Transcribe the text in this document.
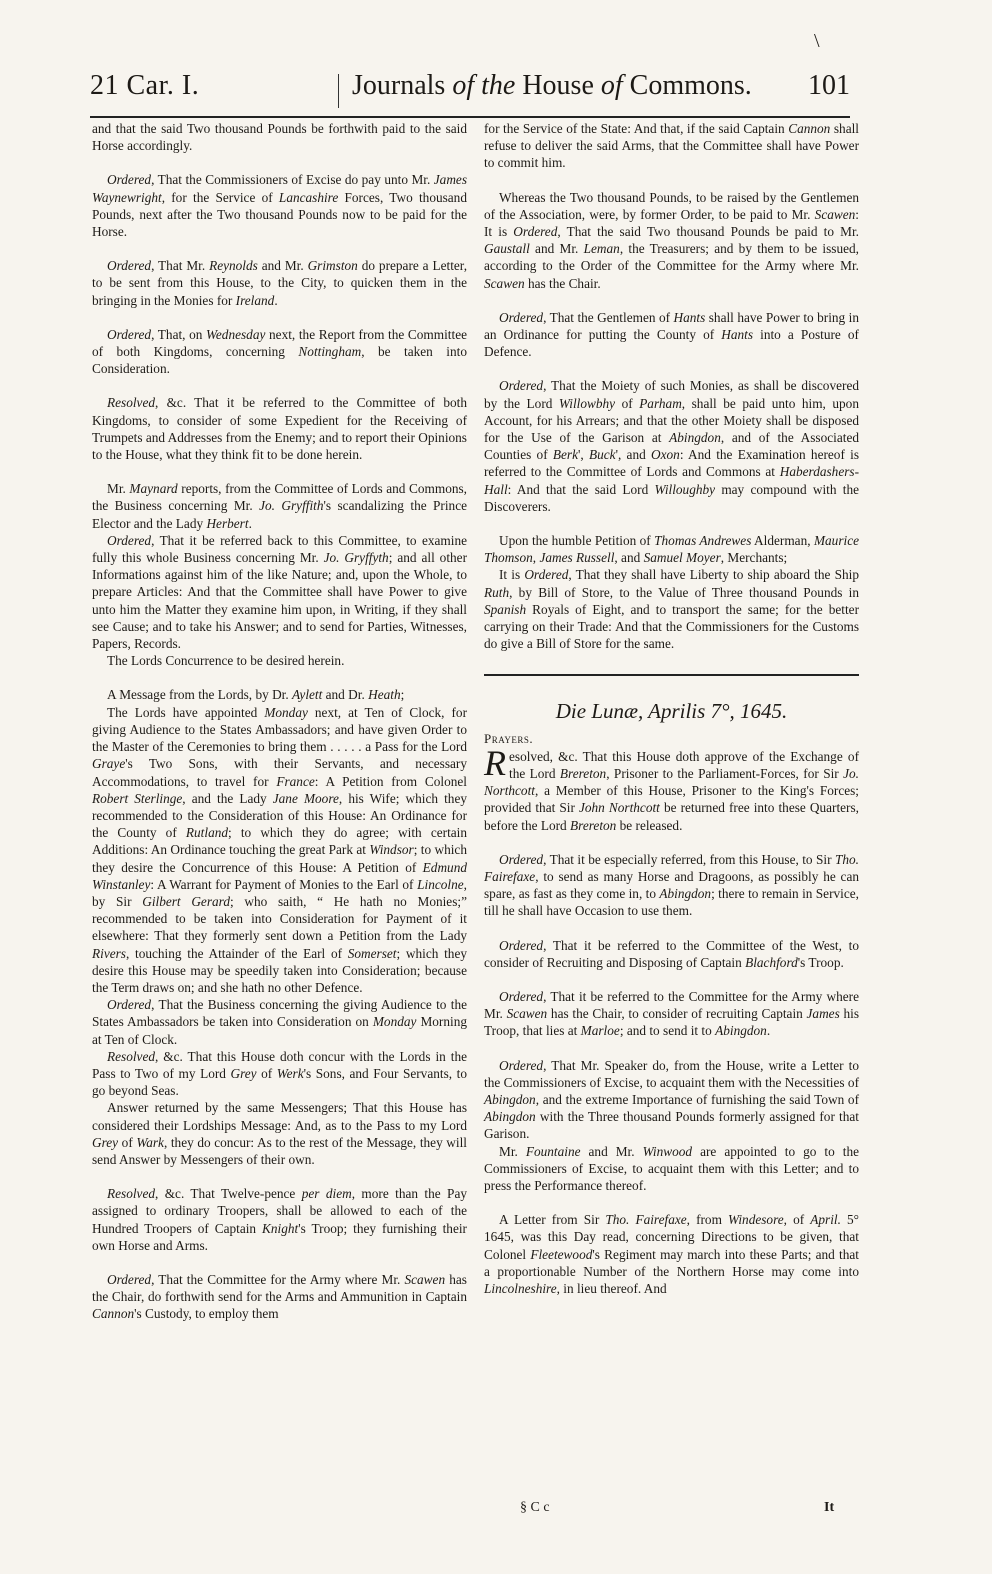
\
21 Car. I.	Journals of the House of Commons. 101

and that the said Two thousand Pounds be forthwith paid to the said Horse accordingly.

Ordered, That the Commissioners of Excise do pay unto Mr. James Waynewright, for the Service of Lancashire Forces, Two thousand Pounds, next after the Two thousand Pounds now to be paid for the Horse.

Ordered, That Mr. Reynolds and Mr. Grimston do prepare a Letter, to be sent from this House, to the City, to quicken them in the bringing in the Monies for Ireland.

Ordered, That, on Wednesday next, the Report from the Committee of both Kingdoms, concerning Nottingham, be taken into Consideration.

Resolved, &c. That it be referred to the Committee of both Kingdoms, to consider of some Expedient for the Receiving of Trumpets and Addresses from the Enemy; and to report their Opinions to the House, what they think fit to be done herein.

Mr. Maynard reports, from the Committee of Lords and Commons, the Business concerning Mr. Jo. Gryffith's scandalizing the Prince Elector and the Lady Herbert.

Ordered, That it be referred back to this Committee, to examine fully this whole Business concerning Mr. Jo. Gryffyth; and all other Informations against him of the like Nature; and, upon the Whole, to prepare Articles: And that the Committee shall have Power to give unto him the Matter they examine him upon, in Writing, if they shall see Cause; and to take his Answer; and to send for Parties, Witnesses, Papers, Records.

The Lords Concurrence to be desired herein.

A Message from the Lords, by Dr. Aylett and Dr. Heath;

The Lords have appointed Monday next, at Ten of Clock, for giving Audience to the States Ambassadors; and have given Order to the Master of the Ceremonies to bring them . . . . . a Pass for the Lord Graye's Two Sons, with their Servants, and necessary Accommodations, to travel for France: A Petition from Colonel Robert Sterlinge, and the Lady Jane Moore, his Wife; which they recommended to the Consideration of this House: An Ordinance for the County of Rutland; to which they do agree; with certain Additions: An Ordinance touching the great Park at Windsor; to which they desire the Concurrence of this House: A Petition of Edmund Winstanley: A Warrant for Payment of Monies to the Earl of Lincolne, by Sir Gilbert Gerard; who saith, “ He hath no Monies;” recommended to be taken into Consideration for Payment of it elsewhere: That they formerly sent down a Petition from the Lady Rivers, touching the Attainder of the Earl of Somerset; which they desire this House may be speedily taken into Consideration; because the Term draws on; and she hath no other Defence.

Ordered, That the Business concerning the giving Audience to the States Ambassadors be taken into Consideration on Monday Morning at Ten of Clock.

Resolved, &c. That this House doth concur with the Lords in the Pass to Two of my Lord Grey of Werk's Sons, and Four Servants, to go beyond Seas.

Answer returned by the same Messengers; That this House has considered their Lordships Message: And, as to the Pass to my Lord Grey of Wark, they do concur: As to the rest of the Message, they will send Answer by Messengers of their own.

Resolved, &c. That Twelve-pence per diem, more than the Pay assigned to ordinary Troopers, shall be allowed to each of the Hundred Troopers of Captain Knight's Troop; they furnishing their own Horse and Arms.

Ordered, That the Committee for the Army where Mr. Scawen has the Chair, do forthwith send for the Arms and Ammunition in Captain Cannon's Custody, to employ them

for the Service of the State: And that, if the said Captain Cannon shall refuse to deliver the said Arms, that the Committee shall have Power to commit him.

Whereas the Two thousand Pounds, to be raised by the Gentlemen of the Association, were, by former Order, to be paid to Mr. Scawen: It is Ordered, That the said Two thousand Pounds be paid to Mr. Gaustall and Mr. Leman, the Treasurers; and by them to be issued, according to the Order of the Committee for the Army where Mr. Scawen has the Chair.

Ordered, That the Gentlemen of Hants shall have Power to bring in an Ordinance for putting the County of Hants into a Posture of Defence.

Ordered, That the Moiety of such Monies, as shall be discovered by the Lord Willowbhy of Parham, shall be paid unto him, upon Account, for his Arrears; and that the other Moiety shall be disposed for the Use of the Garison at Abingdon, and of the Associated Counties of Berk', Buck', and Oxon: And the Examination hereof is referred to the Committee of Lords and Commons at Haberdashers-Hall: And that the said Lord Willoughby may compound with the Discoverers.

Upon the humble Petition of Thomas Andrewes Alderman, Maurice Thomson, James Russell, and Samuel Moyer, Merchants;

It is Ordered, That they shall have Liberty to ship aboard the Ship Ruth, by Bill of Store, to the Value of Three thousand Pounds in Spanish Royals of Eight, and to transport the same; for the better carrying on their Trade: And that the Commissioners for the Customs do give a Bill of Store for the same.

Die Lunæ, Aprilis 7°, 1645.

Prayers.

Resolved, &c. That this House doth approve of the Exchange of the Lord Brereton, Prisoner to the Parliament-Forces, for Sir Jo. Northcott, a Member of this House, Prisoner to the King's Forces; provided that Sir John Northcott be returned free into these Quarters, before the Lord Brereton be released.

Ordered, That it be especially referred, from this House, to Sir Tho. Fairefaxe, to send as many Horse and Dragoons, as possibly he can spare, as fast as they come in, to Abingdon; there to remain in Service, till he shall have Occasion to use them.

Ordered, That it be referred to the Committee of the West, to consider of Recruiting and Disposing of Captain Blachford's Troop.

Ordered, That it be referred to the Committee for the Army where Mr. Scawen has the Chair, to consider of recruiting Captain James his Troop, that lies at Marloe; and to send it to Abingdon.

Ordered, That Mr. Speaker do, from the House, write a Letter to the Commissioners of Excise, to acquaint them with the Necessities of Abingdon, and the extreme Importance of furnishing the said Town of Abingdon with the Three thousand Pounds formerly assigned for that Garison.

Mr. Fountaine and Mr. Winwood are appointed to go to the Commissioners of Excise, to acquaint them with this Letter; and to press the Performance thereof.

A Letter from Sir Tho. Fairefaxe, from Windesore, of April. 5° 1645, was this Day read, concerning Directions to be given, that Colonel Fleetewood's Regiment may march into these Parts; and that a proportionable Number of the Northern Horse may come into Lincolneshire, in lieu thereof. And

§ C c	It
